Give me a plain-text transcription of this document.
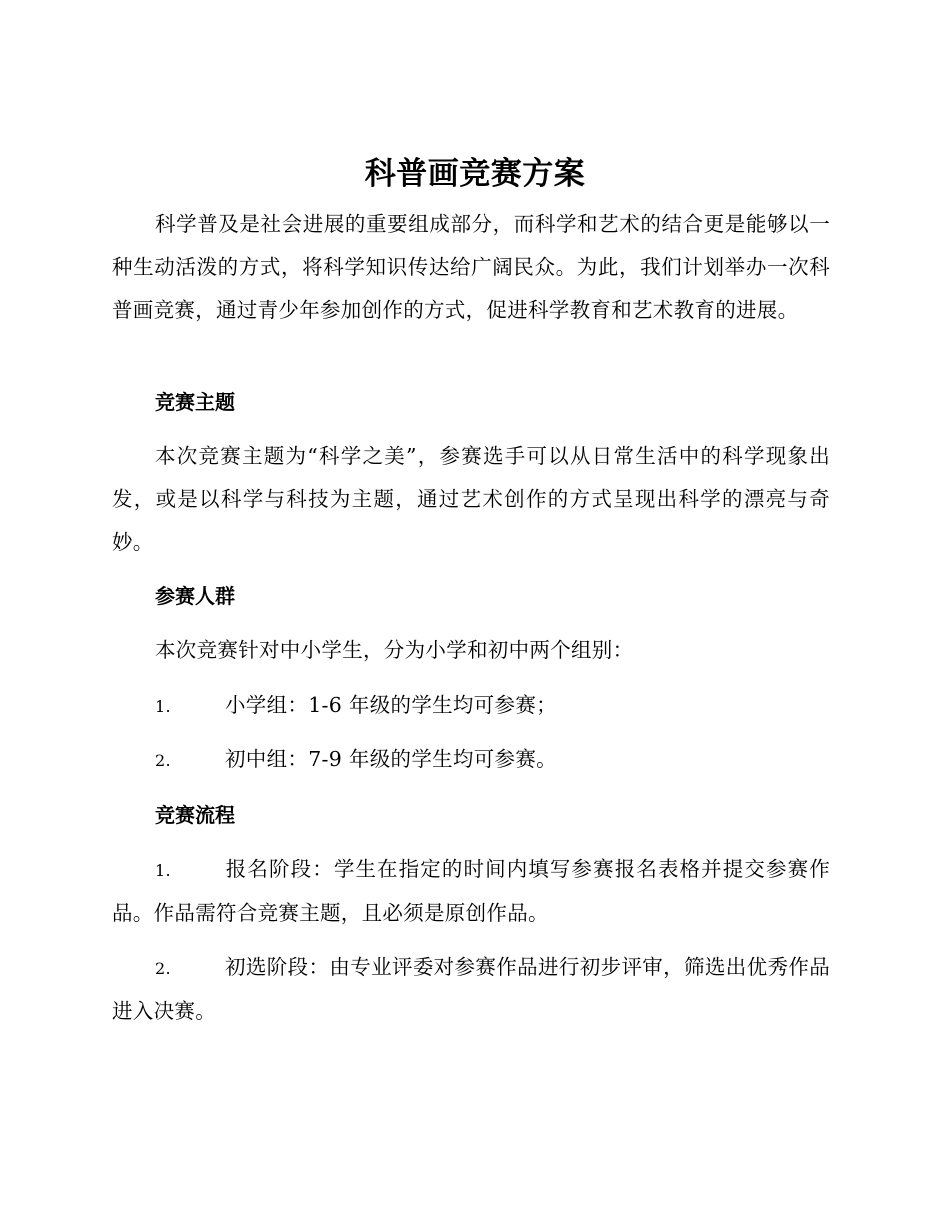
科普画竞赛方案
科学普及是社会进展的重要组成部分，而科学和艺术的结合更是能够以一种生动活泼的方式，将科学知识传达给广阔民众。为此，我们计划举办一次科普画竞赛，通过青少年参加创作的方式，促进科学教育和艺术教育的进展。
竞赛主题
本次竞赛主题为“科学之美”，参赛选手可以从日常生活中的科学现象出发，或是以科学与科技为主题，通过艺术创作的方式呈现出科学的漂亮与奇妙。
参赛人群
本次竞赛针对中小学生，分为小学和初中两个组别：
1.	小学组：1-6 年级的学生均可参赛；
2.	初中组：7-9 年级的学生均可参赛。
竞赛流程
1.	报名阶段：学生在指定的时间内填写参赛报名表格并提交参赛作品。作品需符合竞赛主题，且必须是原创作品。
2.	初选阶段：由专业评委对参赛作品进行初步评审，筛选出优秀作品进入决赛。
